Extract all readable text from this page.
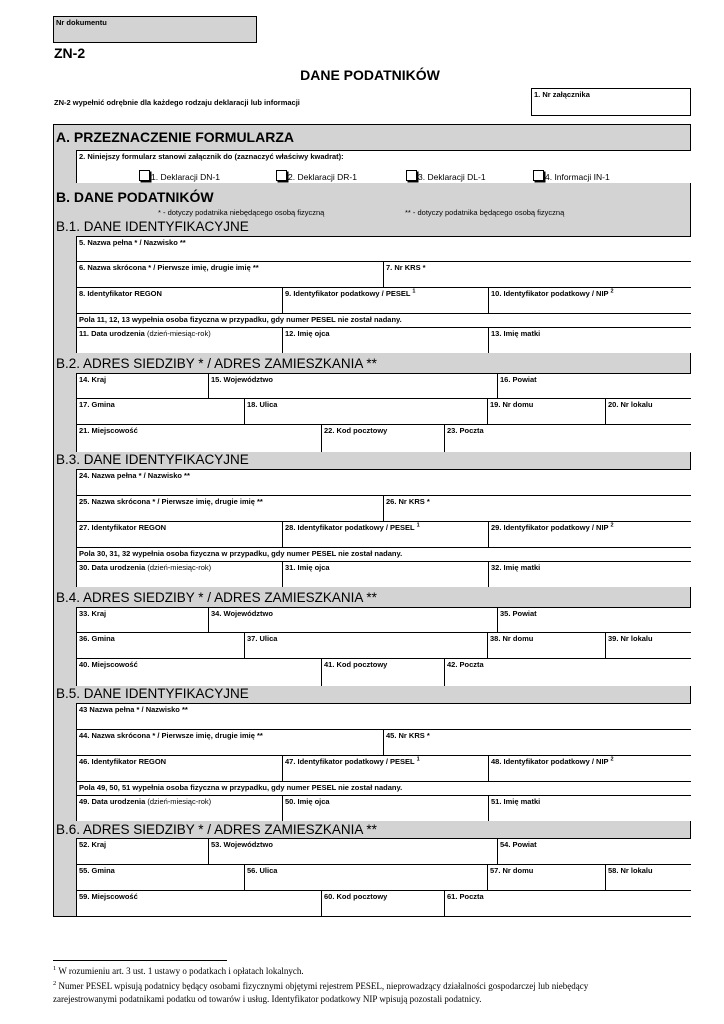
Nr dokumentu
ZN-2
DANE PODATNIKÓW
ZN-2 wypełnić odrębnie dla każdego rodzaju deklaracji lub informacji
1. Nr załącznika
A. PRZEZNACZENIE FORMULARZA
2. Niniejszy formularz stanowi załącznik do (zaznaczyć właściwy kwadrat):
1. Deklaracji DN-1	2. Deklaracji DR-1	3. Deklaracji DL-1	4. Informacji IN-1
B. DANE PODATNIKÓW
* - dotyczy podatnika niebędącego osobą fizyczną	** - dotyczy podatnika będącego osobą fizyczną
B.1. DANE IDENTYFIKACYJNE
5. Nazwa pełna * / Nazwisko **
6. Nazwa skrócona * / Pierwsze imię, drugie imię **	7. Nr KRS *
8. Identyfikator REGON	9. Identyfikator podatkowy / PESEL $^1$	10. Identyfikator podatkowy / NIP $^2$
Pola 11, 12, 13 wypełnia osoba fizyczna w przypadku, gdy numer PESEL nie został nadany.
11. Data urodzenia (dzień-miesiąc-rok)	12. Imię ojca	13. Imię matki
B.2. ADRES SIEDZIBY * / ADRES ZAMIESZKANIA **
14. Kraj	15. Województwo	16. Powiat
17. Gmina	18. Ulica	19. Nr domu	20. Nr lokalu
21. Miejscowość	22. Kod pocztowy	23. Poczta
B.3. DANE IDENTYFIKACYJNE
24. Nazwa pełna * / Nazwisko **
25. Nazwa skrócona * / Pierwsze imię, drugie imię **	26. Nr KRS *
27. Identyfikator REGON	28. Identyfikator podatkowy / PESEL $^1$	29. Identyfikator podatkowy / NIP $^2$
Pola 30, 31, 32 wypełnia osoba fizyczna w przypadku, gdy numer PESEL nie został nadany.
30. Data urodzenia (dzień-miesiąc-rok)	31. Imię ojca	32. Imię matki
B.4. ADRES SIEDZIBY * / ADRES ZAMIESZKANIA **
33. Kraj	34. Województwo	35. Powiat
36. Gmina	37. Ulica	38. Nr domu	39. Nr lokalu
40. Miejscowość	41. Kod pocztowy	42. Poczta
B.5. DANE IDENTYFIKACYJNE
43 Nazwa pełna * / Nazwisko **
44. Nazwa skrócona * / Pierwsze imię, drugie imię **	45. Nr KRS *
46. Identyfikator REGON	47. Identyfikator podatkowy / PESEL $^1$	48. Identyfikator podatkowy / NIP $^2$
Pola 49, 50, 51 wypełnia osoba fizyczna w przypadku, gdy numer PESEL nie został nadany.
49. Data urodzenia (dzień-miesiąc-rok)	50. Imię ojca	51. Imię matki
B.6. ADRES SIEDZIBY * / ADRES ZAMIESZKANIA **
52. Kraj	53. Województwo	54. Powiat
55. Gmina	56. Ulica	57. Nr domu	58. Nr lokalu
59. Miejscowość	60. Kod pocztowy	61. Poczta
$^1$ W rozumieniu art. 3 ust. 1 ustawy o podatkach i opłatach lokalnych.
$^2$ Numer PESEL wpisują podatnicy będący osobami fizycznymi objętymi rejestrem PESEL, nieprowadzący działalności gospodarczej lub niebędący
zarejestrowanymi podatnikami podatku od towarów i usług. Identyfikator podatkowy NIP wpisują pozostali podatnicy.
